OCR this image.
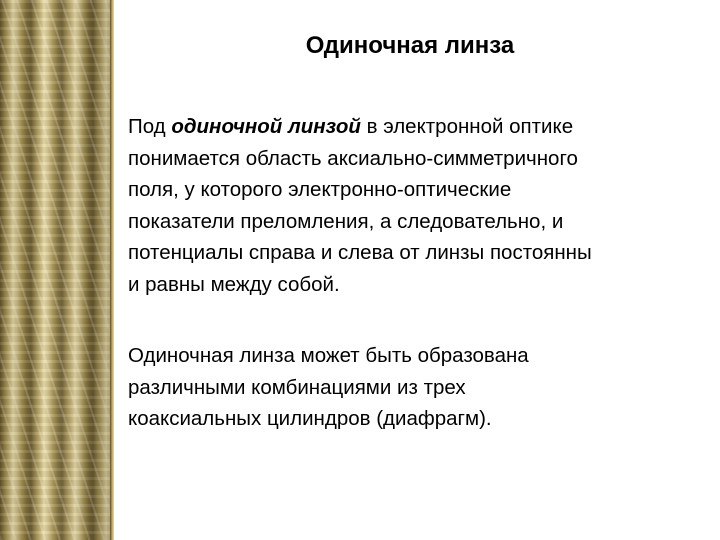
Одиночная линза

Под одиночной линзой в электронной оптике
понимается область аксиально-симметричного
поля, у которого электронно-оптические
показатели преломления, а следовательно, и
потенциалы справа и слева от линзы постоянны
и равны между собой.

Одиночная линза может быть образована
различными комбинациями из трех
коаксиальных цилиндров (диафрагм).
